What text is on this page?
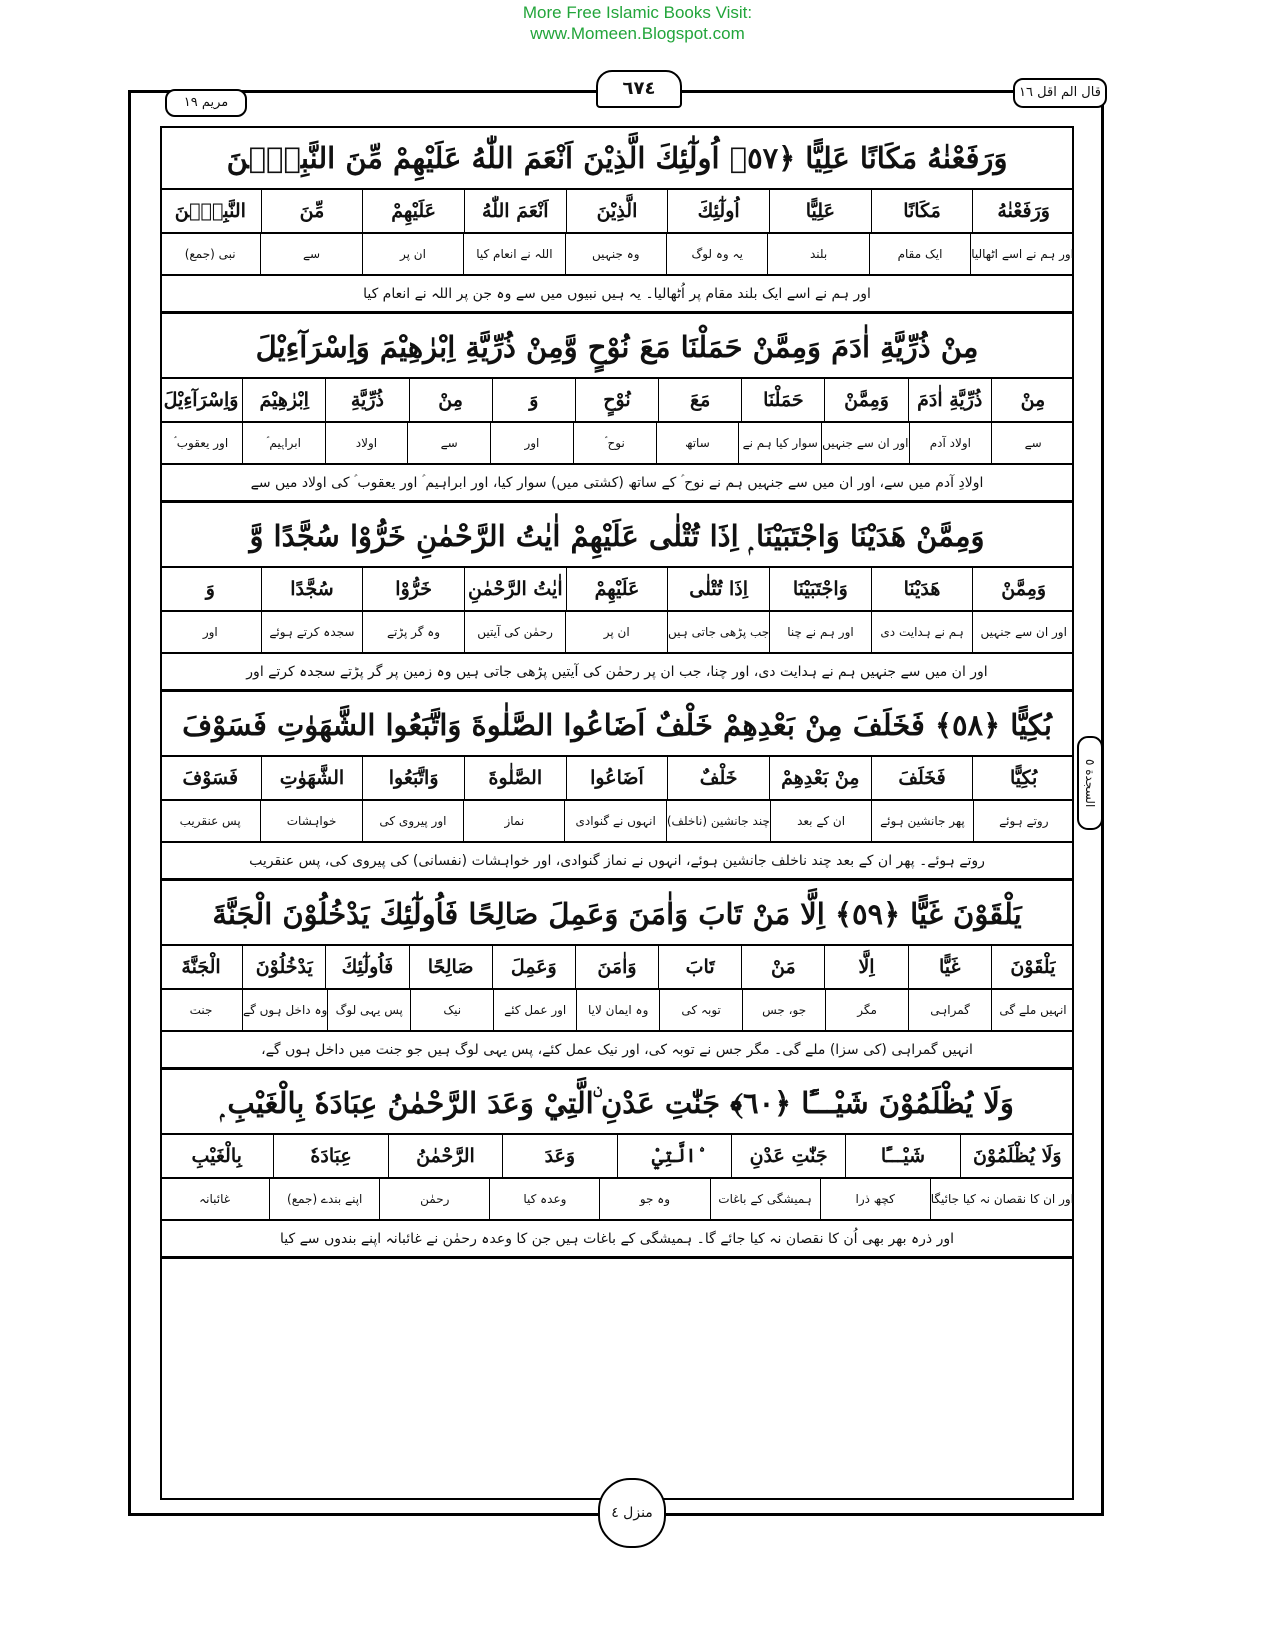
More Free Islamic Books Visit:
www.Momeen.Blogspot.com
قال الم اقل ١٦
مريم ١٩
٦٧٤
وَرَفَعْنٰهُ مَكَانًا عَلِيًّا ﴿٥٧﴾ اُولٰٓئِكَ الَّذِيْنَ اَنْعَمَ اللّٰهُ عَلَيْهِمْ مِّنَ النَّبِيّٖنَ
وَرَفَعْنٰهُ
مَكَانًا
عَلِيًّا
اُولٰٓئِكَ
الَّذِيْنَ
اَنْعَمَ اللّٰهُ
عَلَيْهِمْ
مِّنَ
النَّبِيّٖنَ
اور ہم نے اسے اٹھالیا
ایک مقام
بلند
یہ وہ لوگ
وہ جنہیں
اللہ نے انعام کیا
ان پر
سے
نبی (جمع)
اور ہم نے اسے ایک بلند مقام پر اُٹھالیا۔ یہ ہیں نبیوں میں سے وہ جن پر اللہ نے انعام کیا
مِنْ ذُرِّيَّةِ اٰدَمَ وَمِمَّنْ حَمَلْنَا مَعَ نُوْحٍ وَّمِنْ ذُرِّيَّةِ اِبْرٰهِيْمَ وَاِسْرَآءِيْلَ
مِنْ
ذُرِّيَّةِ اٰدَمَ
وَمِمَّنْ
حَمَلْنَا
مَعَ
نُوْحٍ
وَ
مِنْ
ذُرِّيَّةِ
اِبْرٰهِيْمَ
وَاِسْرَآءِيْلَ
سے
اولاد آدم
اور ان سے جنہیں
سوار کیا ہم نے
ساتھ
نوح ؑ
اور
سے
اولاد
ابراہیم ؑ
اور یعقوب ؑ
اولادِ آدم میں سے، اور ان میں سے جنہیں ہم نے نوح ؑ کے ساتھ (کشتی میں) سوار کیا، اور ابراہیم ؑ اور یعقوب ؑ کی اولاد میں سے
وَمِمَّنْ هَدَيْنَا وَاجْتَبَيْنَا ۭ اِذَا تُتْلٰى عَلَيْهِمْ اٰيٰتُ الرَّحْمٰنِ خَرُّوْا سُجَّدًا وَّ
وَمِمَّنْ
هَدَيْنَا
وَاجْتَبَيْنَا
اِذَا تُتْلٰى
عَلَيْهِمْ
اٰيٰتُ الرَّحْمٰنِ
خَرُّوْا
سُجَّدًا
وَ
اور ان سے جنہیں
ہم نے ہدایت دی
اور ہم نے چنا
جب پڑھی جاتی ہیں
ان پر
رحمٰن کی آیتیں
وہ گر پڑتے
سجدہ کرتے ہوئے
اور
اور ان میں سے جنہیں ہم نے ہدایت دی، اور چنا، جب ان پر رحمٰن کی آیتیں پڑھی جاتی ہیں وہ زمین پر گر پڑتے سجدہ کرتے اور
بُكِيًّا ﴿٥٨﴾ فَخَلَفَ مِنْ بَعْدِهِمْ خَلْفٌ اَضَاعُوا الصَّلٰوةَ وَاتَّبَعُوا الشَّهَوٰتِ فَسَوْفَ
بُكِيًّا
فَخَلَفَ
مِنْ بَعْدِهِمْ
خَلْفٌ
اَضَاعُوا
الصَّلٰوةَ
وَاتَّبَعُوا
الشَّهَوٰتِ
فَسَوْفَ
روتے ہوئے
پھر جانشین ہوئے
ان کے بعد
چند جانشین (ناخلف)
انہوں نے گنوادی
نماز
اور پیروی کی
خواہشات
پس عنقریب
روتے ہوئے۔ پھر ان کے بعد چند ناخلف جانشین ہوئے، انہوں نے نماز گنوادی، اور خواہشات (نفسانی) کی پیروی کی، پس عنقریب
يَلْقَوْنَ غَيًّا ﴿٥٩﴾ اِلَّا مَنْ تَابَ وَاٰمَنَ وَعَمِلَ صَالِحًا فَاُولٰٓئِكَ يَدْخُلُوْنَ الْجَنَّةَ
يَلْقَوْنَ
غَيًّا
اِلَّا
مَنْ
تَابَ
وَاٰمَنَ
وَعَمِلَ
صَالِحًا
فَاُولٰٓئِكَ
يَدْخُلُوْنَ
الْجَنَّةَ
انہیں ملے گی
گمراہی
مگر
جو، جس
توبہ کی
وہ ایمان لایا
اور عمل کئے
نیک
پس یہی لوگ
وہ داخل ہوں گے
جنت
انہیں گمراہی (کی سزا) ملے گی۔ مگر جس نے توبہ کی، اور نیک عمل کئے، پس یہی لوگ ہیں جو جنت میں داخل ہوں گے،
وَلَا يُظْلَمُوْنَ شَيْـــًٔا ﴿٦٠﴾ جَنّٰتِ عَدْنِ ۨالَّتِيْ وَعَدَ الرَّحْمٰنُ عِبَادَهٗ بِالْغَيْبِ ۭ
وَلَا يُظْلَمُوْنَ
شَيْـــًٔا
جَنّٰتِ عَدْنِ
ۨالَّتِيْ
وَعَدَ
الرَّحْمٰنُ
عِبَادَهٗ
بِالْغَيْبِ
اور ان کا نقصان نہ کیا جائیگا
کچھ ذرا
ہمیشگی کے باغات
وہ جو
وعدہ کیا
رحمٰن
اپنے بندے (جمع)
غائبانہ
اور ذرہ بھر بھی اُن کا نقصان نہ کیا جائے گا۔ ہمیشگی کے باغات ہیں جن کا وعدہ رحمٰن نے غائبانہ اپنے بندوں سے کیا
السجدة ٥
منزل ٤
